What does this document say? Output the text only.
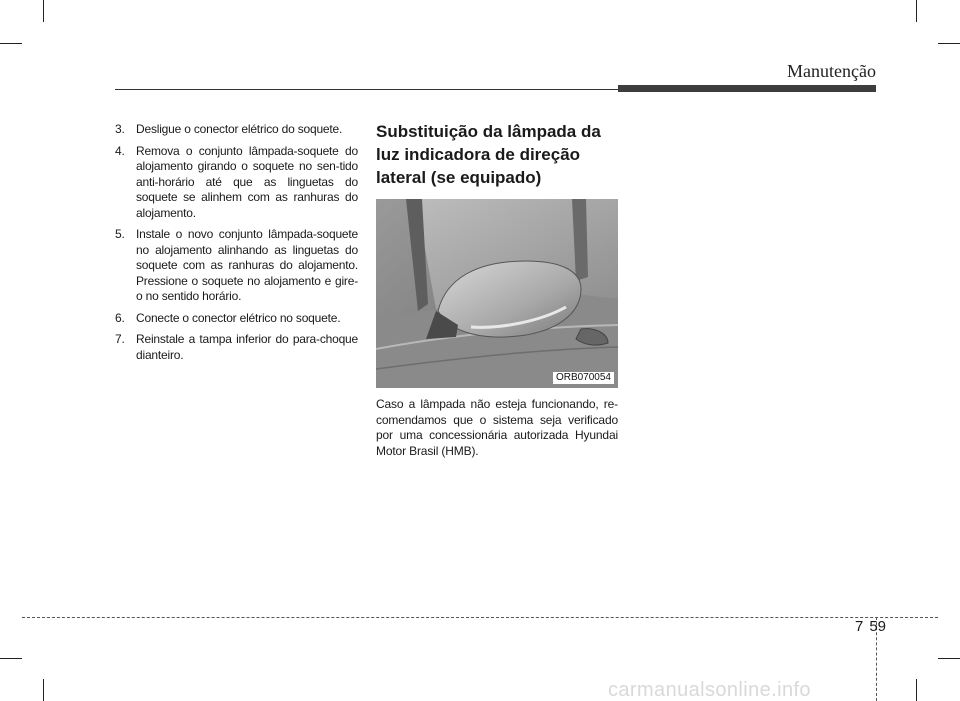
Manutenção
3. Desligue o conector elétrico do soquete.
4. Remova o conjunto lâmpada-soquete do alojamento girando o soquete no sen-tido anti-horário até que as linguetas do soquete se alinhem com as ranhuras do alojamento.
5. Instale o novo conjunto lâmpada-soquete no alojamento alinhando as linguetas do soquete com as ranhuras do alojamento. Pressione o soquete no alojamento e gire-o no sentido horário.
6. Conecte o conector elétrico no soquete.
7. Reinstale a tampa inferior do para-choque dianteiro.
Substituição da lâmpada da luz indicadora de direção lateral (se equipado)
ORB070054

Caso a lâmpada não esteja funcionando, re-comendamos que o sistema seja verificado por uma concessionária autorizada Hyundai Motor Brasil (HMB).

7 59
carmanualsonline.info
